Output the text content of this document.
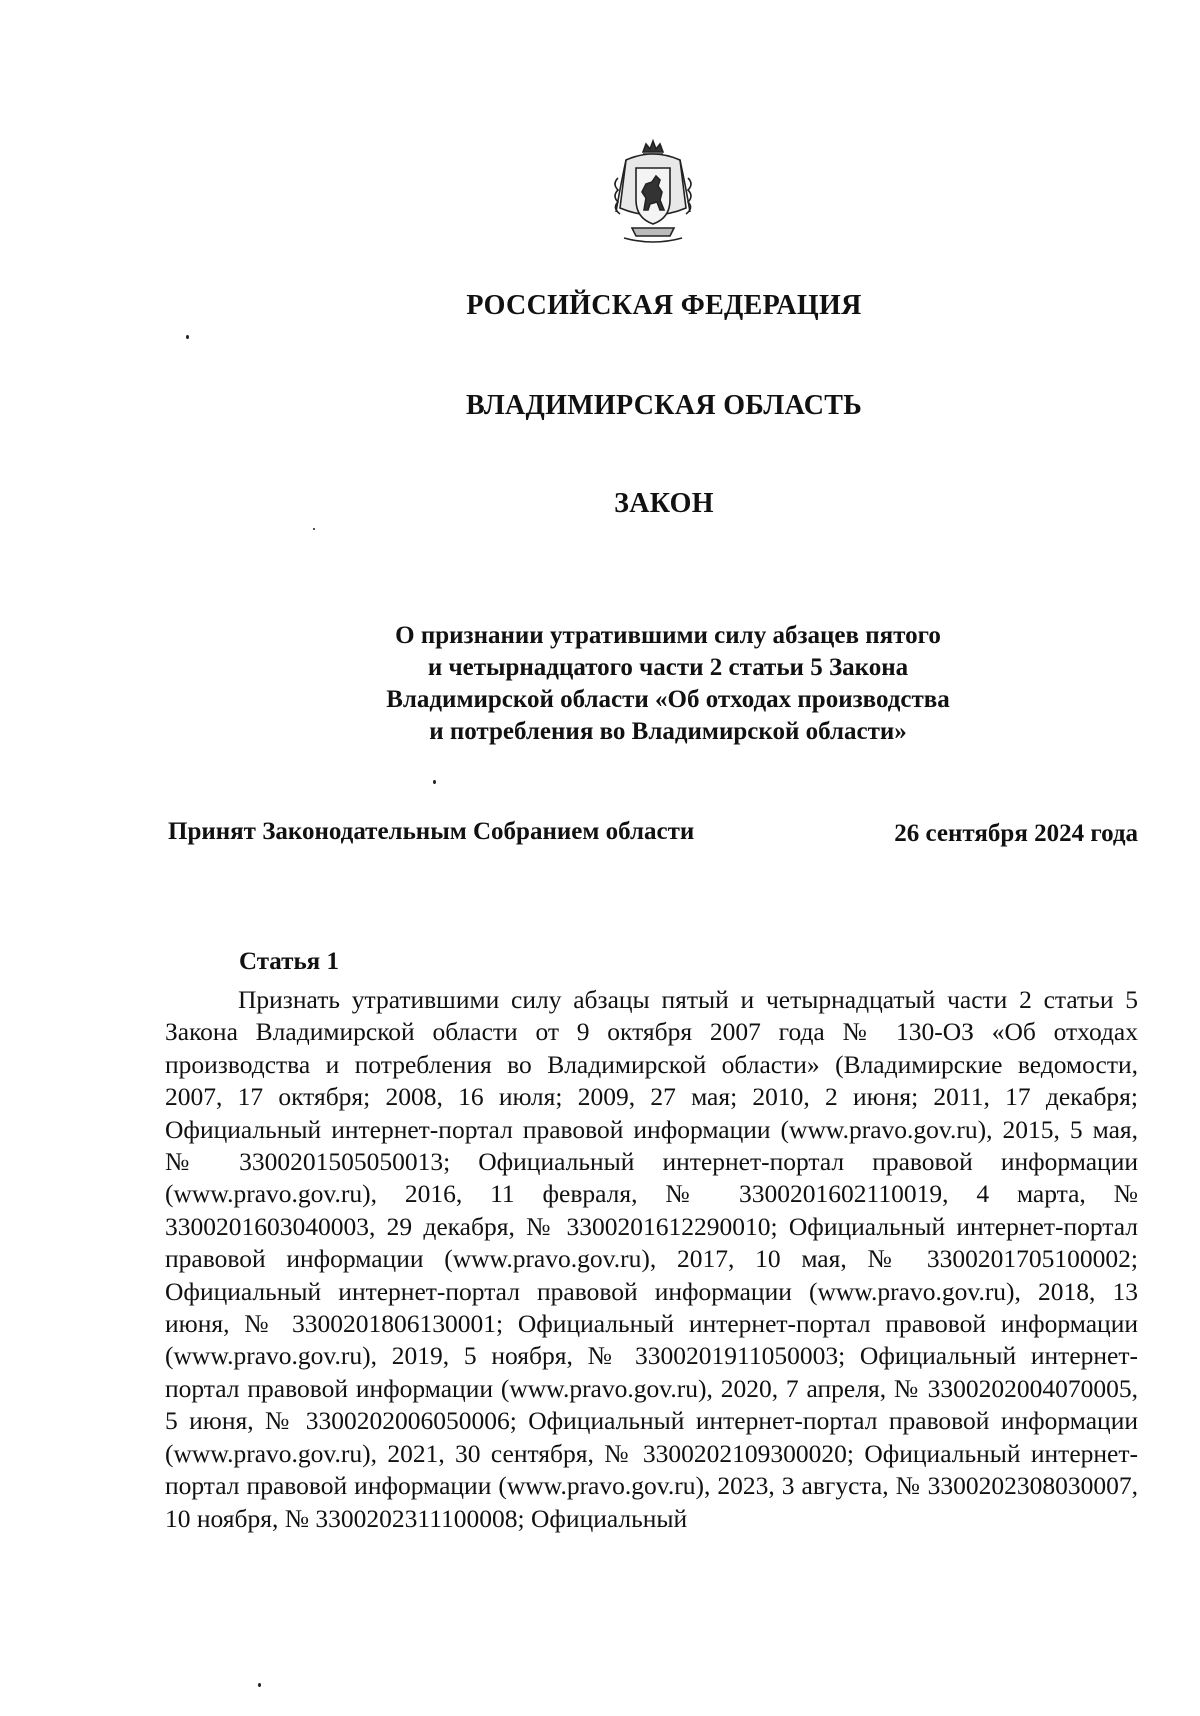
РОССИЙСКАЯ ФЕДЕРАЦИЯ
ВЛАДИМИРСКАЯ ОБЛАСТЬ
ЗАКОН
О признании утратившими силу абзацев пятого
и четырнадцатого части 2 статьи 5 Закона
Владимирской области «Об отходах производства
и потребления во Владимирской области»
Принят Законодательным Собранием области	26 сентября 2024 года
Статья 1
Признать утратившими силу абзацы пятый и четырнадцатый части 2 статьи 5 Закона Владимирской области от 9 октября 2007 года № 130-ОЗ «Об отходах производства и потребления во Владимирской области» (Владимирские ведомости, 2007, 17 октября; 2008, 16 июля; 2009, 27 мая; 2010, 2 июня; 2011, 17 декабря; Официальный интернет-портал правовой информации (www.pravo.gov.ru), 2015, 5 мая, № 3300201505050013; Официальный интернет-портал правовой информации (www.pravo.gov.ru), 2016, 11 февраля, № 3300201602110019, 4 марта, № 3300201603040003, 29 декабря, № 3300201612290010; Официальный интернет-портал правовой информации (www.pravo.gov.ru), 2017, 10 мая, № 3300201705100002; Официальный интернет-портал правовой информации (www.pravo.gov.ru), 2018, 13 июня, № 3300201806130001; Официальный интернет-портал правовой информации (www.pravo.gov.ru), 2019, 5 ноября, № 3300201911050003; Официальный интернет-портал правовой информации (www.pravo.gov.ru), 2020, 7 апреля, № 3300202004070005, 5 июня, № 3300202006050006; Официальный интернет-портал правовой информации (www.pravo.gov.ru), 2021, 30 сентября, № 3300202109300020; Официальный интернет-портал правовой информации (www.pravo.gov.ru), 2023, 3 августа, № 3300202308030007, 10 ноября, № 3300202311100008; Официальный
